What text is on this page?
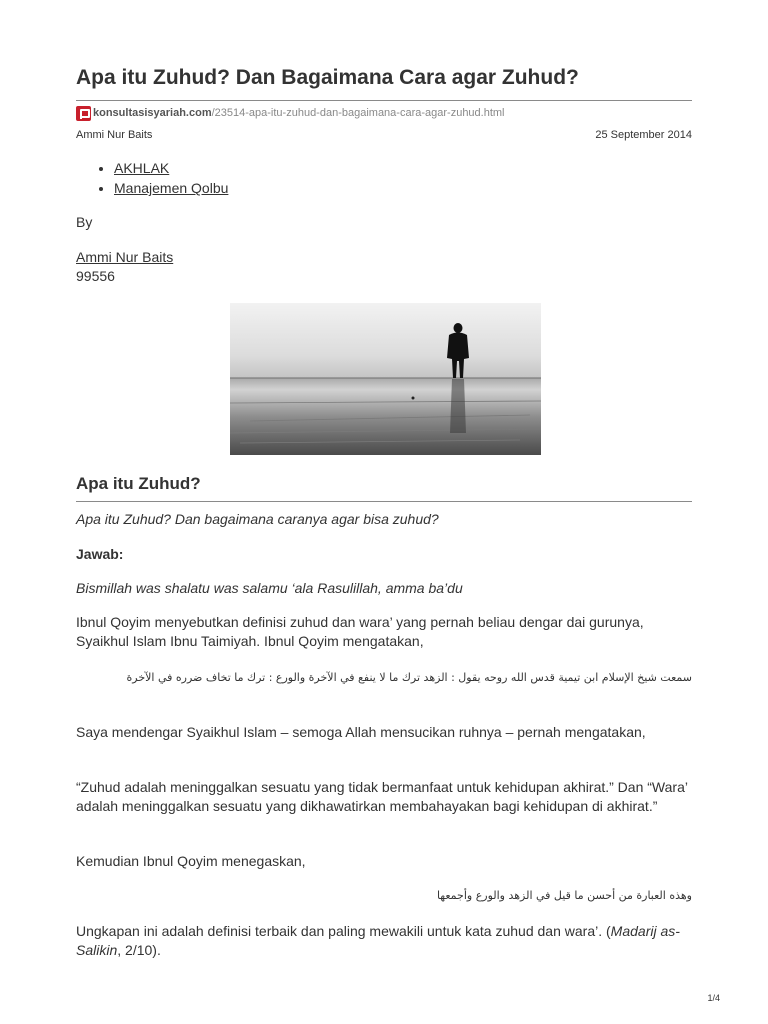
Apa itu Zuhud? Dan Bagaimana Cara agar Zuhud?
konsultasisyariah.com /23514-apa-itu-zuhud-dan-bagaimana-cara-agar-zuhud.html
Ammi Nur Baits	25 September 2014
• AKHLAK
• Manajemen Qolbu

By

Ammi Nur Baits
99556

Apa itu Zuhud?

Apa itu Zuhud? Dan bagaimana caranya agar bisa zuhud?

Jawab:

Bismillah was shalatu was salamu ‘ala Rasulillah, amma ba’du

Ibnul Qoyim menyebutkan definisi zuhud dan wara’ yang pernah beliau dengar dai gurunya, Syaikhul Islam Ibnu Taimiyah. Ibnul Qoyim mengatakan,

سمعت شيخ الإسلام ابن تيمية قدس الله روحه يقول : الزهد ترك ما لا ينفع في الآخرة والورع : ترك ما تخاف ضرره في الآخرة

Saya mendengar Syaikhul Islam – semoga Allah mensucikan ruhnya – pernah mengatakan,

“Zuhud adalah meninggalkan sesuatu yang tidak bermanfaat untuk kehidupan akhirat.” Dan “Wara’ adalah meninggalkan sesuatu yang dikhawatirkan membahayakan bagi kehidupan di akhirat.”

Kemudian Ibnul Qoyim menegaskan,

وهذه العبارة من أحسن ما قيل في الزهد والورع وأجمعها

Ungkapan ini adalah definisi terbaik dan paling mewakili untuk kata zuhud dan wara’. (Madarij as-Salikin, 2/10).

1/4
